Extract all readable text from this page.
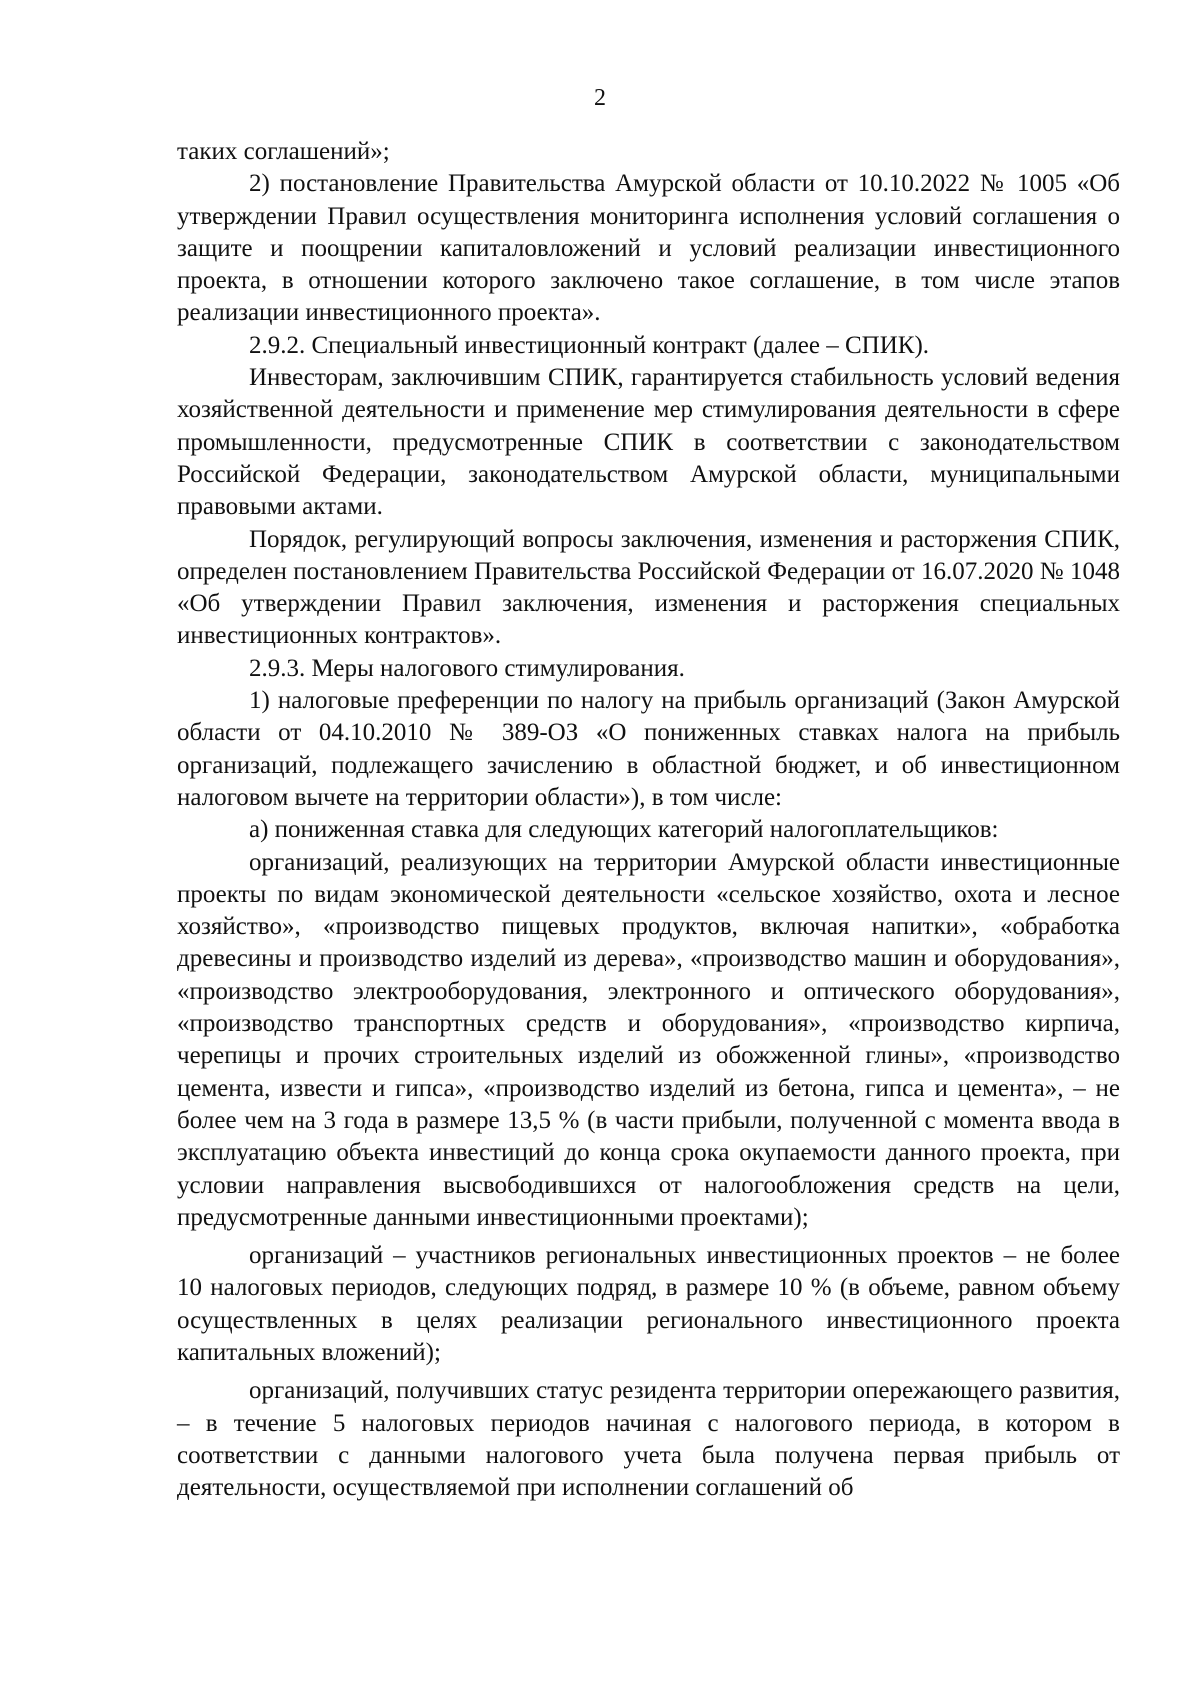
2

таких соглашений»;

2) постановление Правительства Амурской области от 10.10.2022 № 1005 «Об утверждении Правил осуществления мониторинга исполнения условий соглашения о защите и поощрении капиталовложений и условий реализации инвестиционного проекта, в отношении которого заключено такое соглашение, в том числе этапов реализации инвестиционного проекта».

2.9.2. Специальный инвестиционный контракт (далее – СПИК).

Инвесторам, заключившим СПИК, гарантируется стабильность условий ведения хозяйственной деятельности и применение мер стимулирования деятельности в сфере промышленности, предусмотренные СПИК в соответствии с законодательством Российской Федерации, законодательством Амурской области, муниципальными правовыми актами.

Порядок, регулирующий вопросы заключения, изменения и расторжения СПИК, определен постановлением Правительства Российской Федерации от 16.07.2020 № 1048 «Об утверждении Правил заключения, изменения и расторжения специальных инвестиционных контрактов».

2.9.3. Меры налогового стимулирования.

1) налоговые преференции по налогу на прибыль организаций (Закон Амурской области от 04.10.2010 № 389-ОЗ «О пониженных ставках налога на прибыль организаций, подлежащего зачислению в областной бюджет, и об инвестиционном налоговом вычете на территории области»), в том числе:

а) пониженная ставка для следующих категорий налогоплательщиков:

организаций, реализующих на территории Амурской области инвестиционные проекты по видам экономической деятельности «сельское хозяйство, охота и лесное хозяйство», «производство пищевых продуктов, включая напитки», «обработка древесины и производство изделий из дерева», «производство машин и оборудования», «производство электрооборудования, электронного и оптического оборудования», «производство транспортных средств и оборудования», «производство кирпича, черепицы и прочих строительных изделий из обожженной глины», «производство цемента, извести и гипса», «производство изделий из бетона, гипса и цемента», – не более чем на 3 года в размере 13,5 % (в части прибыли, полученной с момента ввода в эксплуатацию объекта инвестиций до конца срока окупаемости данного проекта, при условии направления высвободившихся от налогообложения средств на цели, предусмотренные данными инвестиционными проектами);

организаций – участников региональных инвестиционных проектов – не более 10 налоговых периодов, следующих подряд, в размере 10 % (в объеме, равном объему осуществленных в целях реализации регионального инвестиционного проекта капитальных вложений);

организаций, получивших статус резидента территории опережающего развития, – в течение 5 налоговых периодов начиная с налогового периода, в котором в соответствии с данными налогового учета была получена первая прибыль от деятельности, осуществляемой при исполнении соглашений об
